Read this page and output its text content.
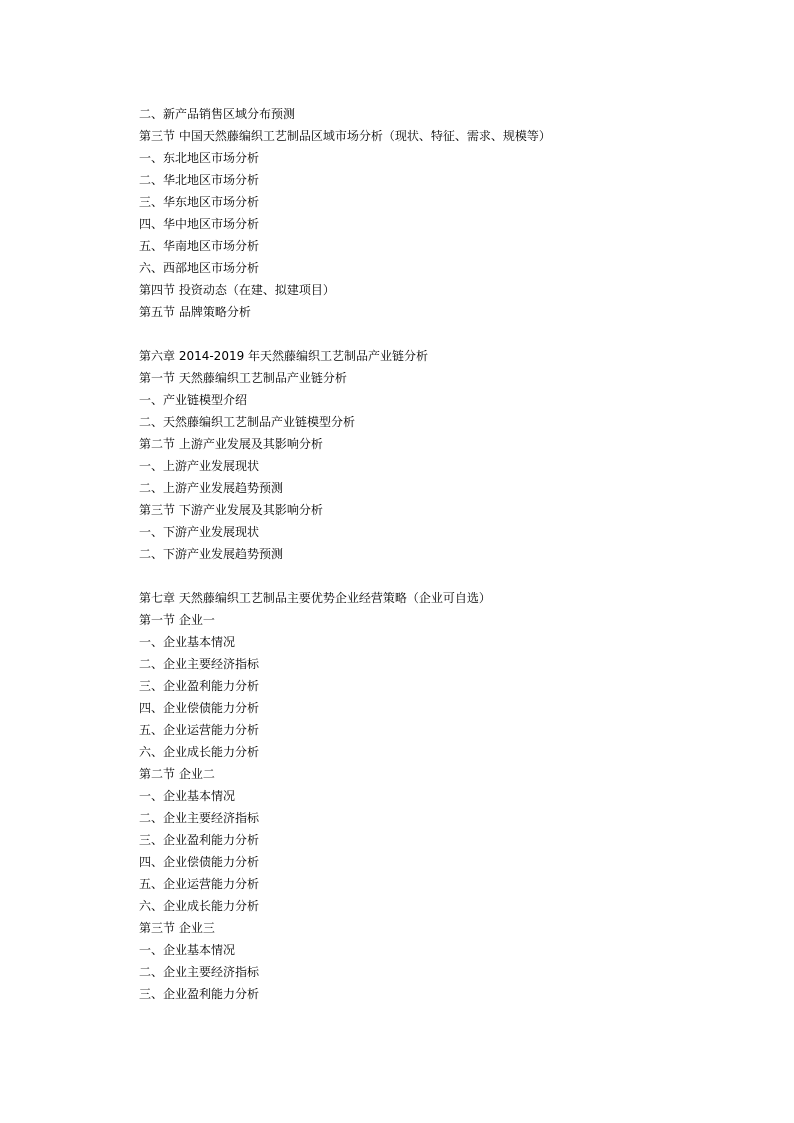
二、新产品销售区域分布预测
第三节 中国天然藤编织工艺制品区域市场分析（现状、特征、需求、规模等）
一、东北地区市场分析
二、华北地区市场分析
三、华东地区市场分析
四、华中地区市场分析
五、华南地区市场分析
六、西部地区市场分析
第四节 投资动态（在建、拟建项目）
第五节 品牌策略分析
第六章 2014-2019 年天然藤编织工艺制品产业链分析
第一节 天然藤编织工艺制品产业链分析
一、产业链模型介绍
二、天然藤编织工艺制品产业链模型分析
第二节 上游产业发展及其影响分析
一、上游产业发展现状
二、上游产业发展趋势预测
第三节 下游产业发展及其影响分析
一、下游产业发展现状
二、下游产业发展趋势预测
第七章 天然藤编织工艺制品主要优势企业经营策略（企业可自选）
第一节 企业一
一、企业基本情况
二、企业主要经济指标
三、企业盈利能力分析
四、企业偿债能力分析
五、企业运营能力分析
六、企业成长能力分析
第二节 企业二
一、企业基本情况
二、企业主要经济指标
三、企业盈利能力分析
四、企业偿债能力分析
五、企业运营能力分析
六、企业成长能力分析
第三节 企业三
一、企业基本情况
二、企业主要经济指标
三、企业盈利能力分析
